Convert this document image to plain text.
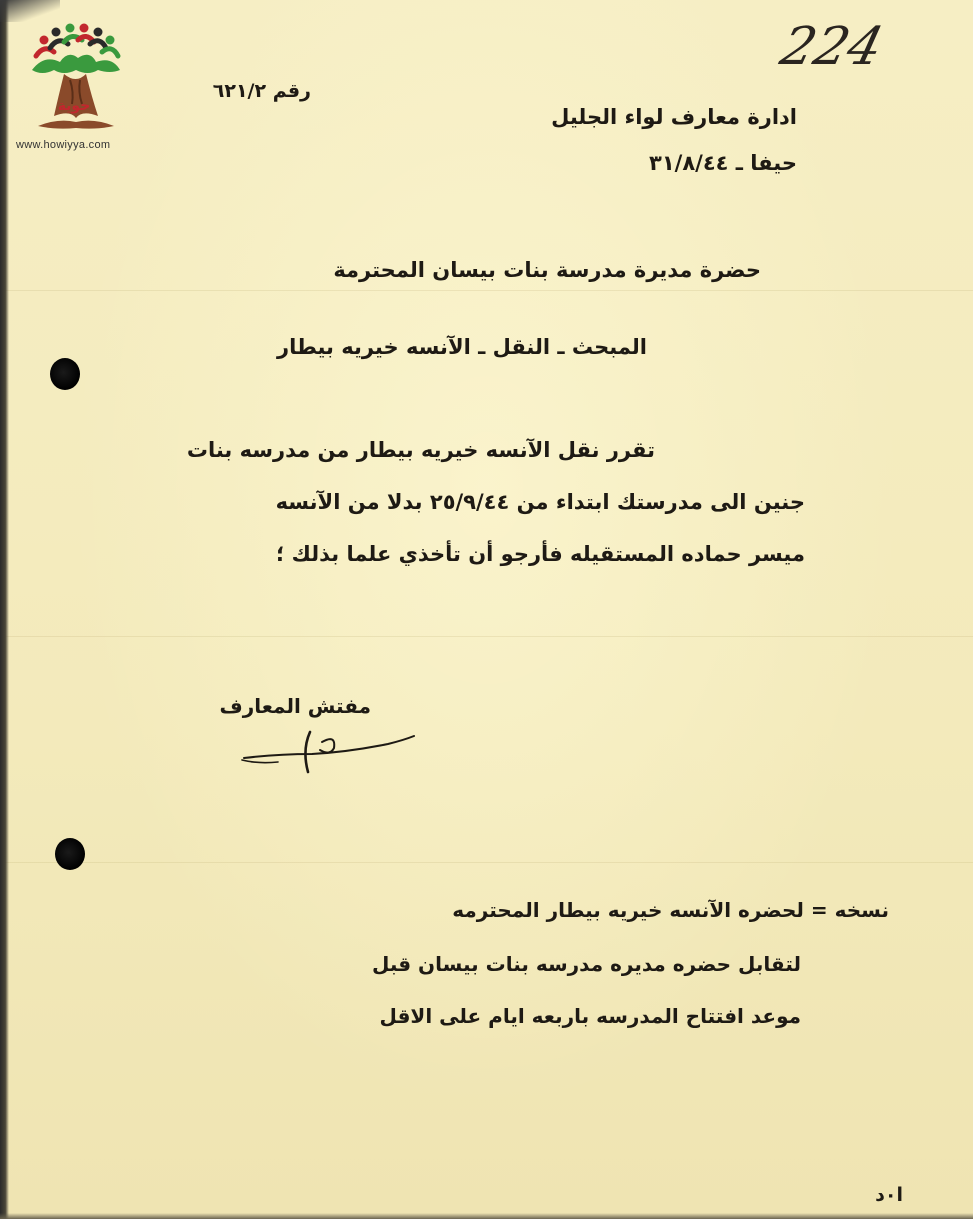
حوية
www.howiyya.com
224
رقم ٦٢١/٢
ادارة معارف لواء الجليل
حيفا ـ ٣١/٨/٤٤
حضرة مديرة مدرسة بنات بيسان المحترمة
المبحث ـ النقل ـ الآنسه خيريه بيطار
تقرر نقل الآنسه خيريه بيطار من مدرسه بنات
جنين الى مدرستك ابتداء من ٢٥/٩/٤٤ بدلا من الآنسه
ميسر حماده المستقيله فأرجو أن تأخذي علما بذلك ؛
مفتش المعارف
نسخه = لحضره الآنسه خيريه بيطار المحترمه
لتقابل حضره مديره مدرسه بنات بيسان قبل
موعد افتتاح المدرسه باربعه ايام على الاقل
ا٠د
